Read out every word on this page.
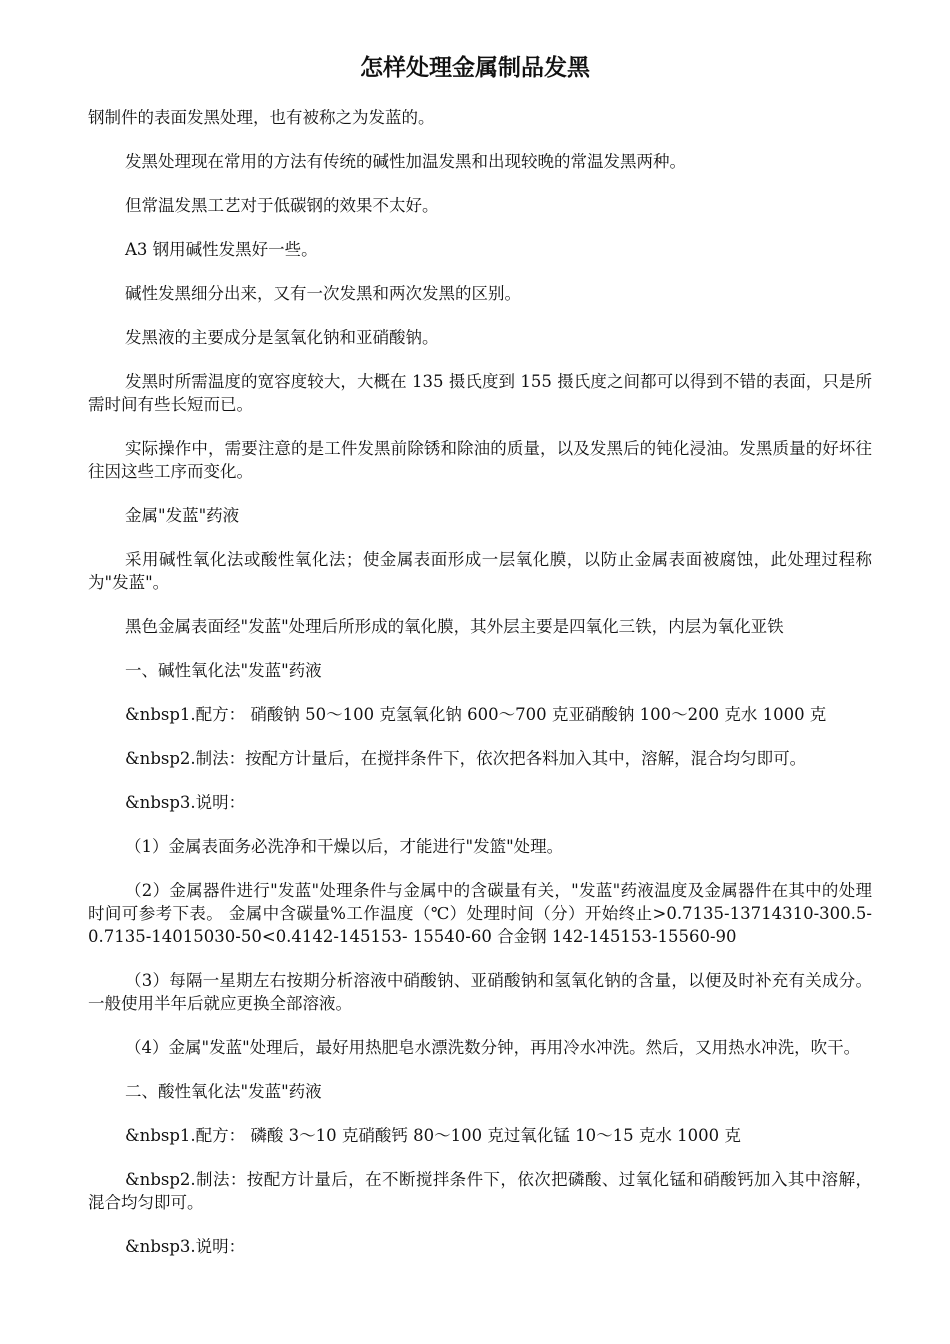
怎样处理金属制品发黑

钢制件的表面发黑处理，也有被称之为发蓝的。

发黑处理现在常用的方法有传统的碱性加温发黑和出现较晚的常温发黑两种。

但常温发黑工艺对于低碳钢的效果不太好。

A3 钢用碱性发黑好一些。

碱性发黑细分出来，又有一次发黑和两次发黑的区别。

发黑液的主要成分是氢氧化钠和亚硝酸钠。

发黑时所需温度的宽容度较大，大概在 135 摄氏度到 155 摄氏度之间都可以得到不错的表面，只是所需时间有些长短而已。

实际操作中，需要注意的是工件发黑前除锈和除油的质量，以及发黑后的钝化浸油。发黑质量的好坏往往因这些工序而变化。

金属"发蓝"药液

采用碱性氧化法或酸性氧化法；使金属表面形成一层氧化膜，以防止金属表面被腐蚀，此处理过程称为"发蓝"。

黑色金属表面经"发蓝"处理后所形成的氧化膜，其外层主要是四氧化三铁，内层为氧化亚铁

一、碱性氧化法"发蓝"药液

&nbsp1.配方： 硝酸钠 50～100 克氢氧化钠 600～700 克亚硝酸钠 100～200 克水 1000 克

&nbsp2.制法：按配方计量后，在搅拌条件下，依次把各料加入其中，溶解，混合均匀即可。

&nbsp3.说明：

（1）金属表面务必洗净和干燥以后，才能进行"发篮"处理。

（2）金属器件进行"发蓝"处理条件与金属中的含碳量有关，"发蓝"药液温度及金属器件在其中的处理时间可参考下表。 金属中含碳量%工作温度（℃）处理时间（分）开始终止>0.7135-13714310-300.5-0.7135-14015030-50<0.4142-145153- 15540-60 合金钢 142-145153-15560-90

（3）每隔一星期左右按期分析溶液中硝酸钠、亚硝酸钠和氢氧化钠的含量，以便及时补充有关成分。一般使用半年后就应更换全部溶液。

（4）金属"发蓝"处理后，最好用热肥皂水漂洗数分钟，再用冷水冲洗。然后，又用热水冲洗，吹干。

二、酸性氧化法"发蓝"药液

&nbsp1.配方： 磷酸 3～10 克硝酸钙 80～100 克过氧化锰 10～15 克水 1000 克

&nbsp2.制法：按配方计量后，在不断搅拌条件下，依次把磷酸、过氧化锰和硝酸钙加入其中溶解，混合均匀即可。

&nbsp3.说明：
